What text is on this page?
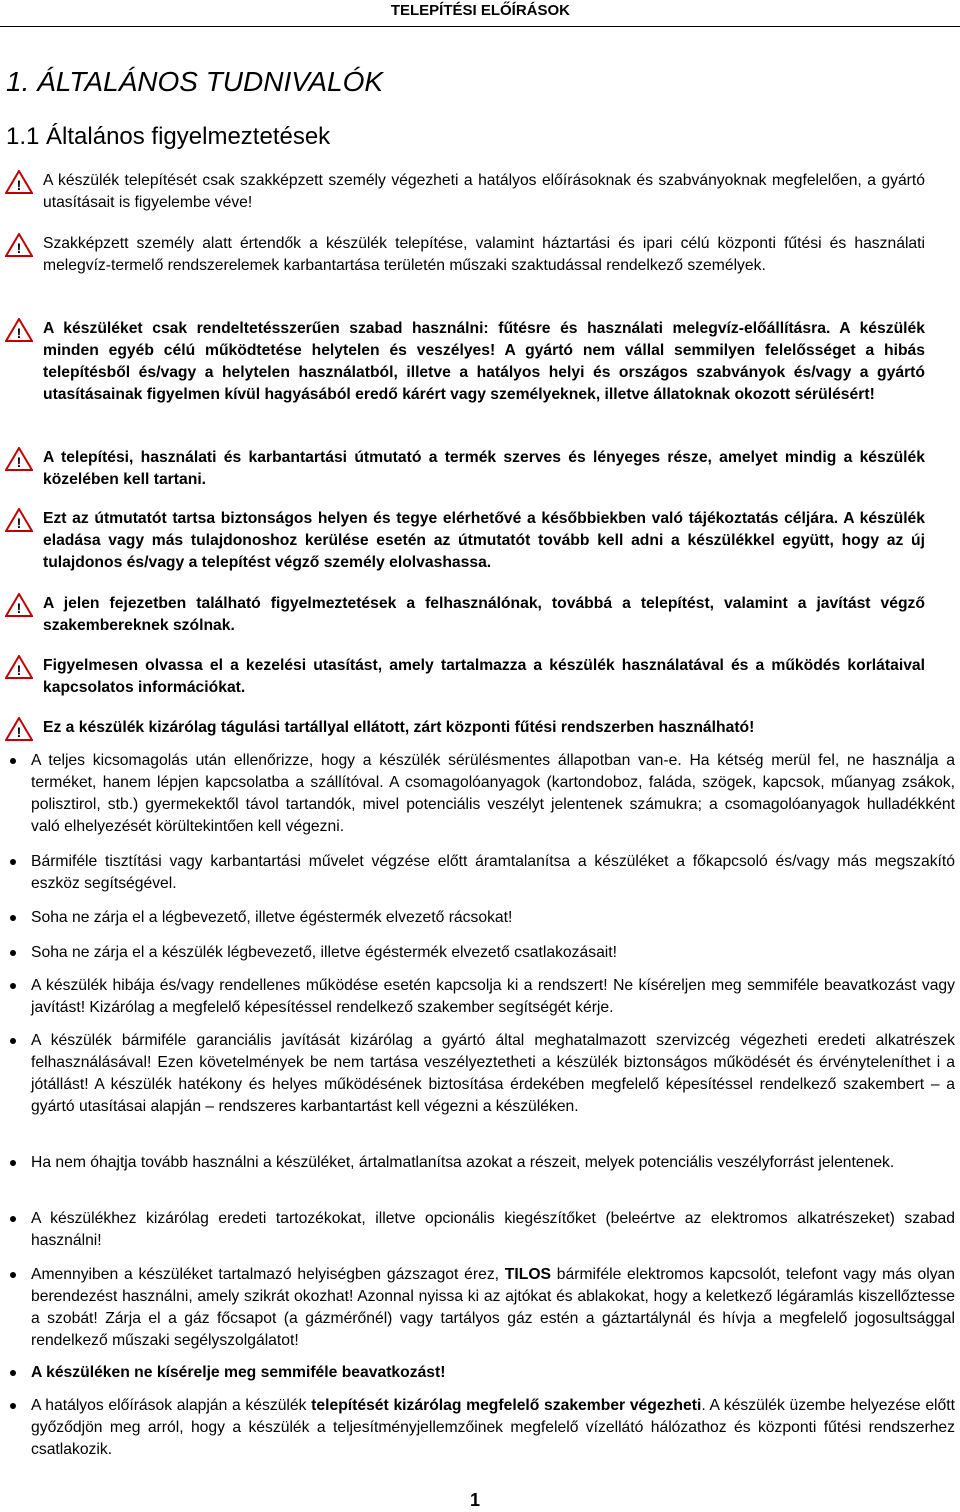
TELEPÍTÉSI ELŐÍRÁSOK
1. ÁLTALÁNOS TUDNIVALÓK
1.1 Általános figyelmeztetések
! A készülék telepítését csak szakképzett személy végezheti a hatályos előírásoknak és szabványoknak megfelelően, a gyártó utasításait is figyelembe véve!
! Szakképzett személy alatt értendők a készülék telepítése, valamint háztartási és ipari célú központi fűtési és használati melegvíz-termelő rendszerelemek karbantartása területén műszaki szaktudással rendelkező személyek.
! A készüléket csak rendeltetésszerűen szabad használni: fűtésre és használati melegvíz-előállításra. A készülék minden egyéb célú működtetése helytelen és veszélyes! A gyártó nem vállal semmilyen felelősséget a hibás telepítésből és/vagy a helytelen használatból, illetve a hatályos helyi és országos szabványok és/vagy a gyártó utasításainak figyelmen kívül hagyásából eredő kárért vagy személyeknek, illetve állatoknak okozott sérülésért!
! A telepítési, használati és karbantartási útmutató a termék szerves és lényeges része, amelyet mindig a készülék közelében kell tartani.
! Ezt az útmutatót tartsa biztonságos helyen és tegye elérhetővé a későbbiekben való tájékoztatás céljára. A készülék eladása vagy más tulajdonoshoz kerülése esetén az útmutatót tovább kell adni a készülékkel együtt, hogy az új tulajdonos és/vagy a telepítést végző személy elolvashassa.
! A jelen fejezetben található figyelmeztetések a felhasználónak, továbbá a telepítést, valamint a javítást végző szakembereknek szólnak.
! Figyelmesen olvassa el a kezelési utasítást, amely tartalmazza a készülék használatával és a működés korlátaival kapcsolatos információkat.
! Ez a készülék kizárólag tágulási tartállyal ellátott, zárt központi fűtési rendszerben használható!
A teljes kicsomagolás után ellenőrizze, hogy a készülék sérülésmentes állapotban van-e. Ha kétség merül fel, ne használja a terméket, hanem lépjen kapcsolatba a szállítóval. A csomagolóanyagok (kartondoboz, faláda, szögek, kapcsok, műanyag zsákok, polisztirol, stb.) gyermekektől távol tartandók, mivel potenciális veszélyt jelentenek számukra; a csomagolóanyagok hulladékként való elhelyezését körültekintően kell végezni.
Bármiféle tisztítási vagy karbantartási művelet végzése előtt áramtalanítsa a készüléket a főkapcsoló és/vagy más megszakító eszköz segítségével.
Soha ne zárja el a légbevezető, illetve égéstermék elvezető rácsokat!
Soha ne zárja el a készülék légbevezető, illetve égéstermék elvezető csatlakozásait!
A készülék hibája és/vagy rendellenes működése esetén kapcsolja ki a rendszert! Ne kíséreljen meg semmiféle beavatkozást vagy javítást! Kizárólag a megfelelő képesítéssel rendelkező szakember segítségét kérje.
A készülék bármiféle garanciális javítását kizárólag a gyártó által meghatalmazott szervizcég végezheti eredeti alkatrészek felhasználásával! Ezen követelmények be nem tartása veszélyeztetheti a készülék biztonságos működését és érvényteleníthet i a jótállást! A készülék hatékony és helyes működésének biztosítása érdekében megfelelő képesítéssel rendelkező szakembert – a gyártó utasításai alapján – rendszeres karbantartást kell végezni a készüléken.
Ha nem óhajtja tovább használni a készüléket, ártalmatlanítsa azokat a részeit, melyek potenciális veszélyforrást jelentenek.
A készülékhez kizárólag eredeti tartozékokat, illetve opcionális kiegészítőket (beleértve az elektromos alkatrészeket) szabad használni!
Amennyiben a készüléket tartalmazó helyiségben gázszagot érez, TILOS bármiféle elektromos kapcsolót, telefont vagy más olyan berendezést használni, amely szikrát okozhat! Azonnal nyissa ki az ajtókat és ablakokat, hogy a keletkező légáramlás kiszellőztesse a szobát! Zárja el a gáz főcsapot (a gázmérőnél) vagy tartályos gáz estén a gáztartálynál és hívja a megfelelő jogosultsággal rendelkező műszaki segélyszolgálatot!
A készüléken ne kísérelje meg semmiféle beavatkozást!
A hatályos előírások alapján a készülék telepítését kizárólag megfelelő szakember végezheti. A készülék üzembe helyezése előtt győződjön meg arról, hogy a készülék a teljesítményjellemzőinek megfelelő vízellátó hálózathoz és központi fűtési rendszerhez csatlakozik.
1
